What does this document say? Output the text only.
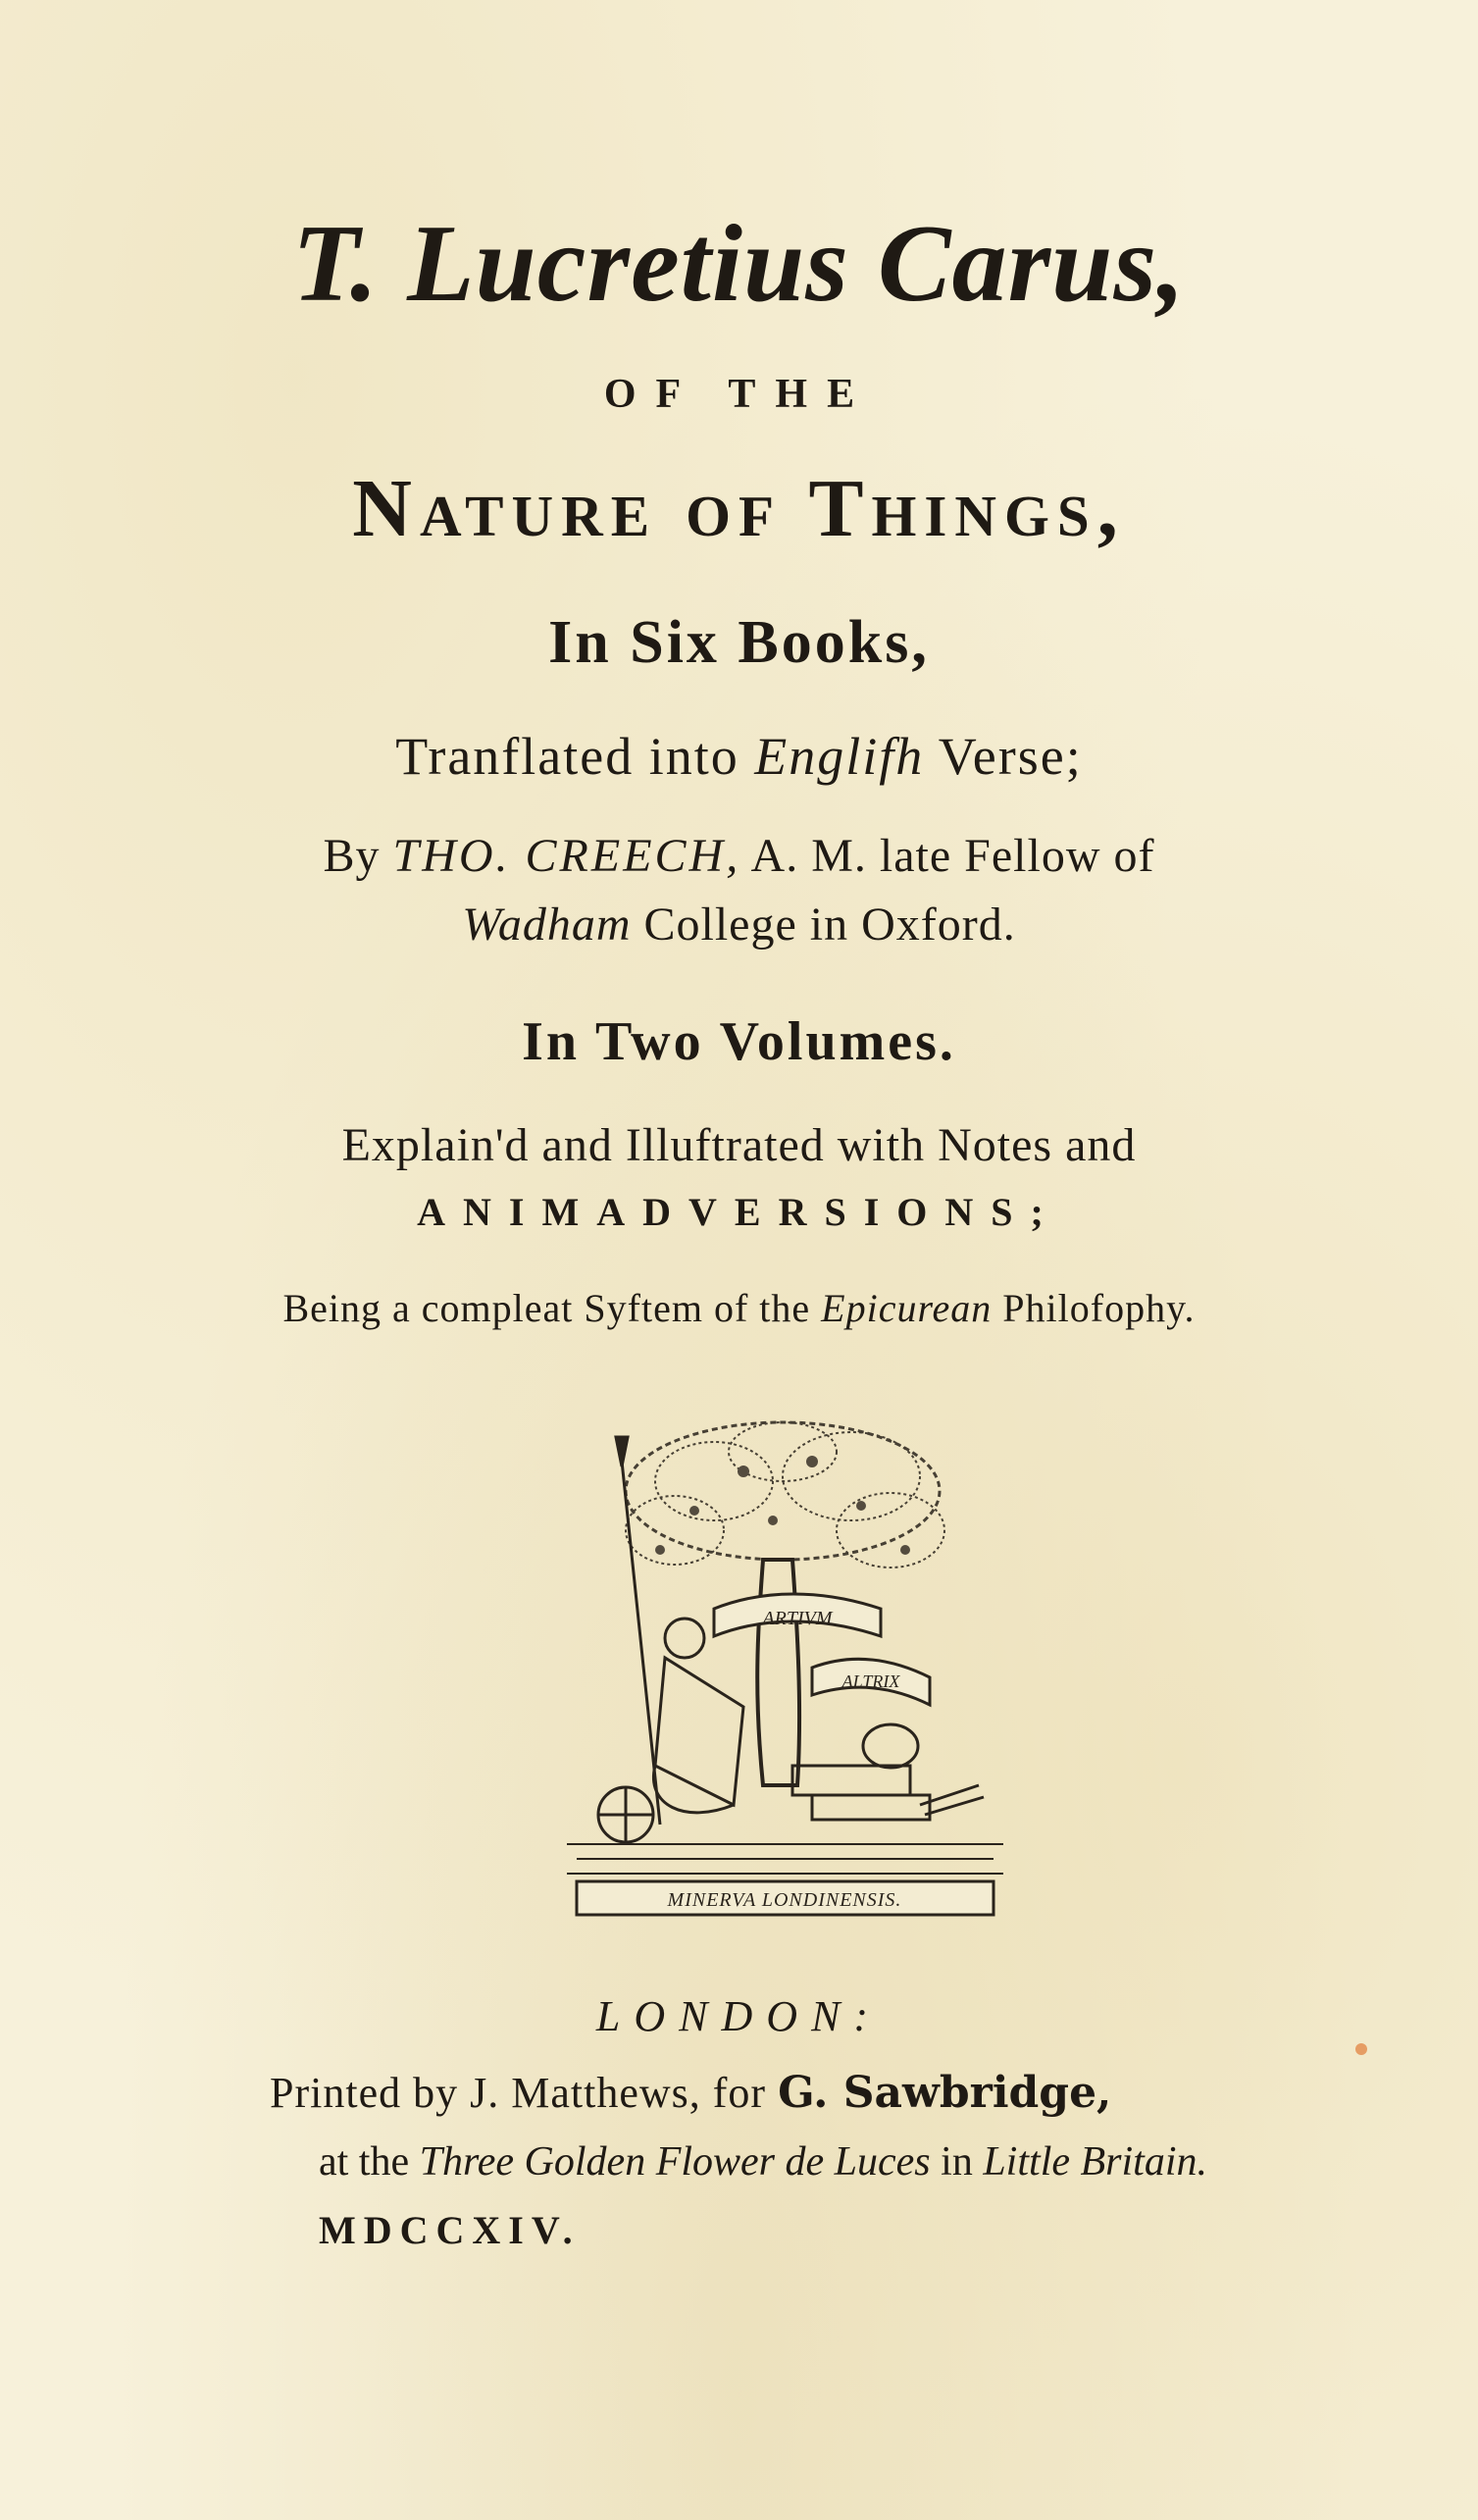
T. Lucretius Carus,
OF THE
Nature of Things,
In Six Books,
Tranflated into Englifh Verse;
By THO. CREECH, A. M. late Fellow of
Wadham College in Oxford.
In Two Volumes.
Explain'd and Illuftrated with Notes and
ANIMADVERSIONS;
Being a compleat Syftem of the Epicurean Philofophy.
ARTIVM
ALTRIX
MINERVA LONDINENSIS.
LONDON:
Printed by J. Matthews, for G. Sawbridge,
at the Three Golden Flower de Luces in Little Britain.
MDCCXIV.
